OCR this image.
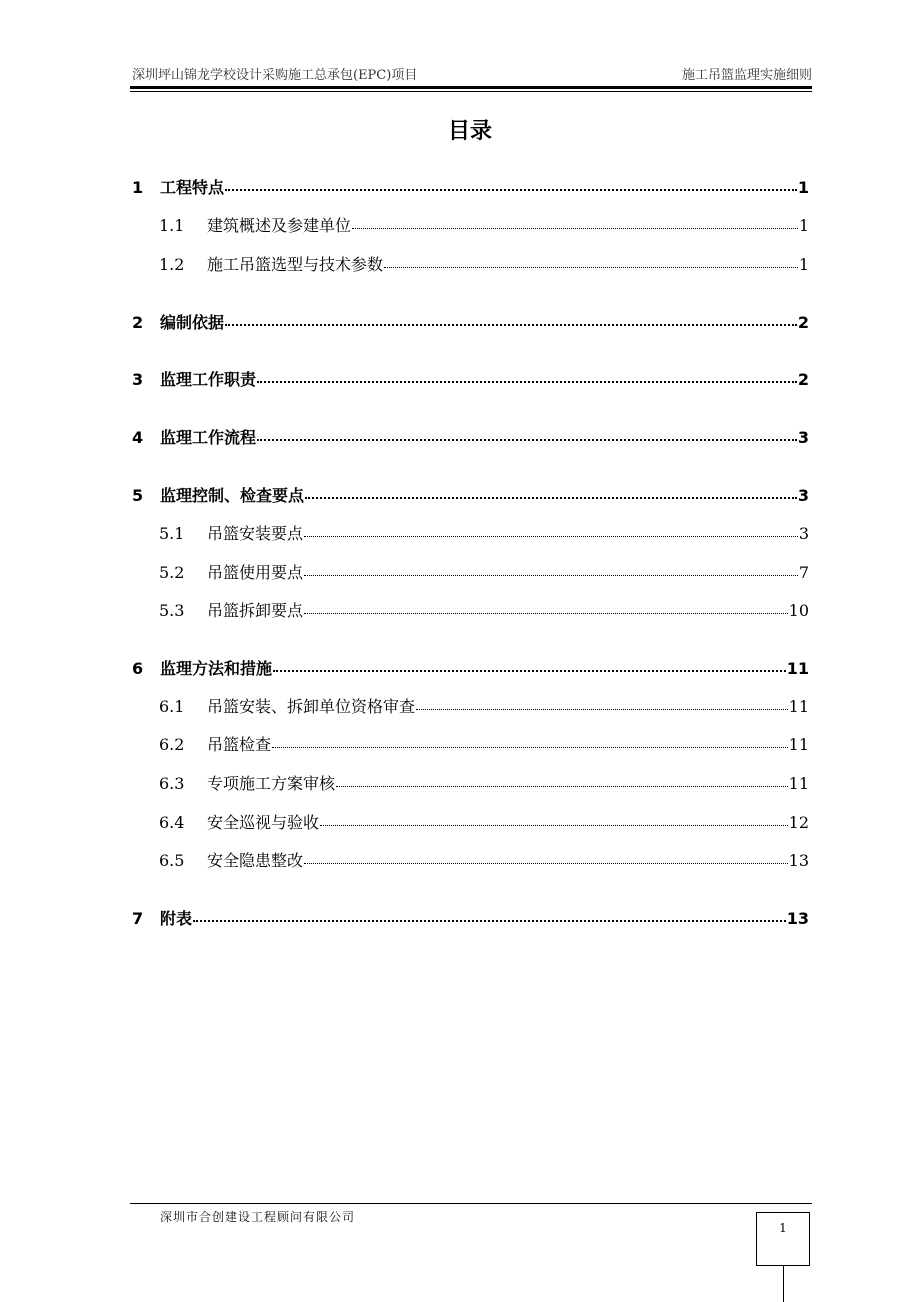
深圳坪山锦龙学校设计采购施工总承包(EPC)项目	施工吊篮监理实施细则
目录
1	工程特点	1
1.1	建筑概述及参建单位	1
1.2	施工吊篮选型与技术参数	1
2	编制依据	2
3	监理工作职责	2
4	监理工作流程	3
5	监理控制、检查要点	3
5.1	吊篮安装要点	3
5.2	吊篮使用要点	7
5.3	吊篮拆卸要点	10
6	监理方法和措施	11
6.1	吊篮安装、拆卸单位资格审查	11
6.2	吊篮检查	11
6.3	专项施工方案审核	11
6.4	安全巡视与验收	12
6.5	安全隐患整改	13
7	附表	13
深圳市合创建设工程顾问有限公司
1
